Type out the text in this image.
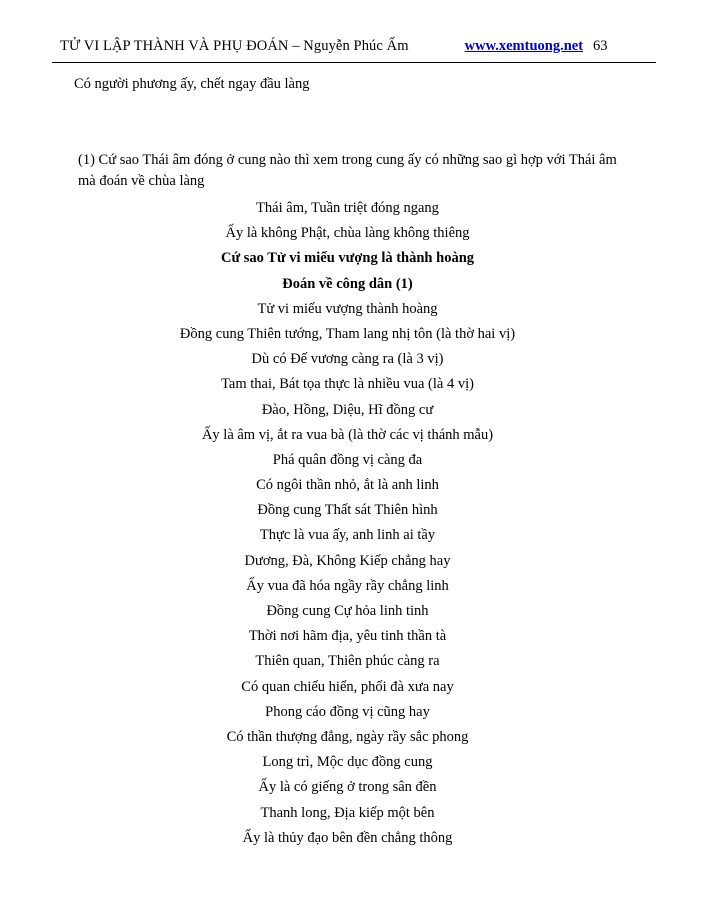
TỬ VI LẬP THÀNH VÀ PHỤ ĐOÁN – Nguyễn Phúc Ấm	www.xemtuong.net 63
Có người phương ấy, chết ngay đầu làng
(1) Cứ sao Thái âm đóng ở cung nào thì xem trong cung ấy có những sao gì hợp với Thái âm mà đoán về chùa làng
Thái âm, Tuần triệt đóng ngang
Ấy là không Phật, chùa làng không thiêng
Cứ sao Tử vi miếu vượng là thành hoàng
Đoán về công dân (1)
Tử vi miếu vượng thành hoàng
Đồng cung Thiên tướng, Tham lang nhị tôn (là thờ hai vị)
Dù có Đế vương càng ra (là 3 vị)
Tam thai, Bát tọa thực là nhiều vua (là 4 vị)
Đào, Hồng, Diệu, Hĩ đồng cư
Ấy là âm vị, ắt ra vua bà (là thờ các vị thánh mẫu)
Phá quân đồng vị càng đa
Có ngôi thần nhỏ, ắt là anh linh
Đồng cung Thất sát Thiên hình
Thực là vua ấy, anh linh ai tầy
Dương, Đà, Không Kiếp chẳng hay
Ấy vua đã hóa ngầy rầy chẳng linh
Đồng cung Cự hỏa linh tinh
Thời nơi hãm địa, yêu tinh thần tà
Thiên quan, Thiên phúc càng ra
Có quan chiếu hiển, phối đà xưa nay
Phong cáo đồng vị cũng hay
Có thần thượng đẳng, ngày rầy sắc phong
Long trì, Mộc dục đồng cung
Ấy là có giếng ở trong sân đền
Thanh long, Địa kiếp một bên
Ấy là thủy đạo bên đền chẳng thông
